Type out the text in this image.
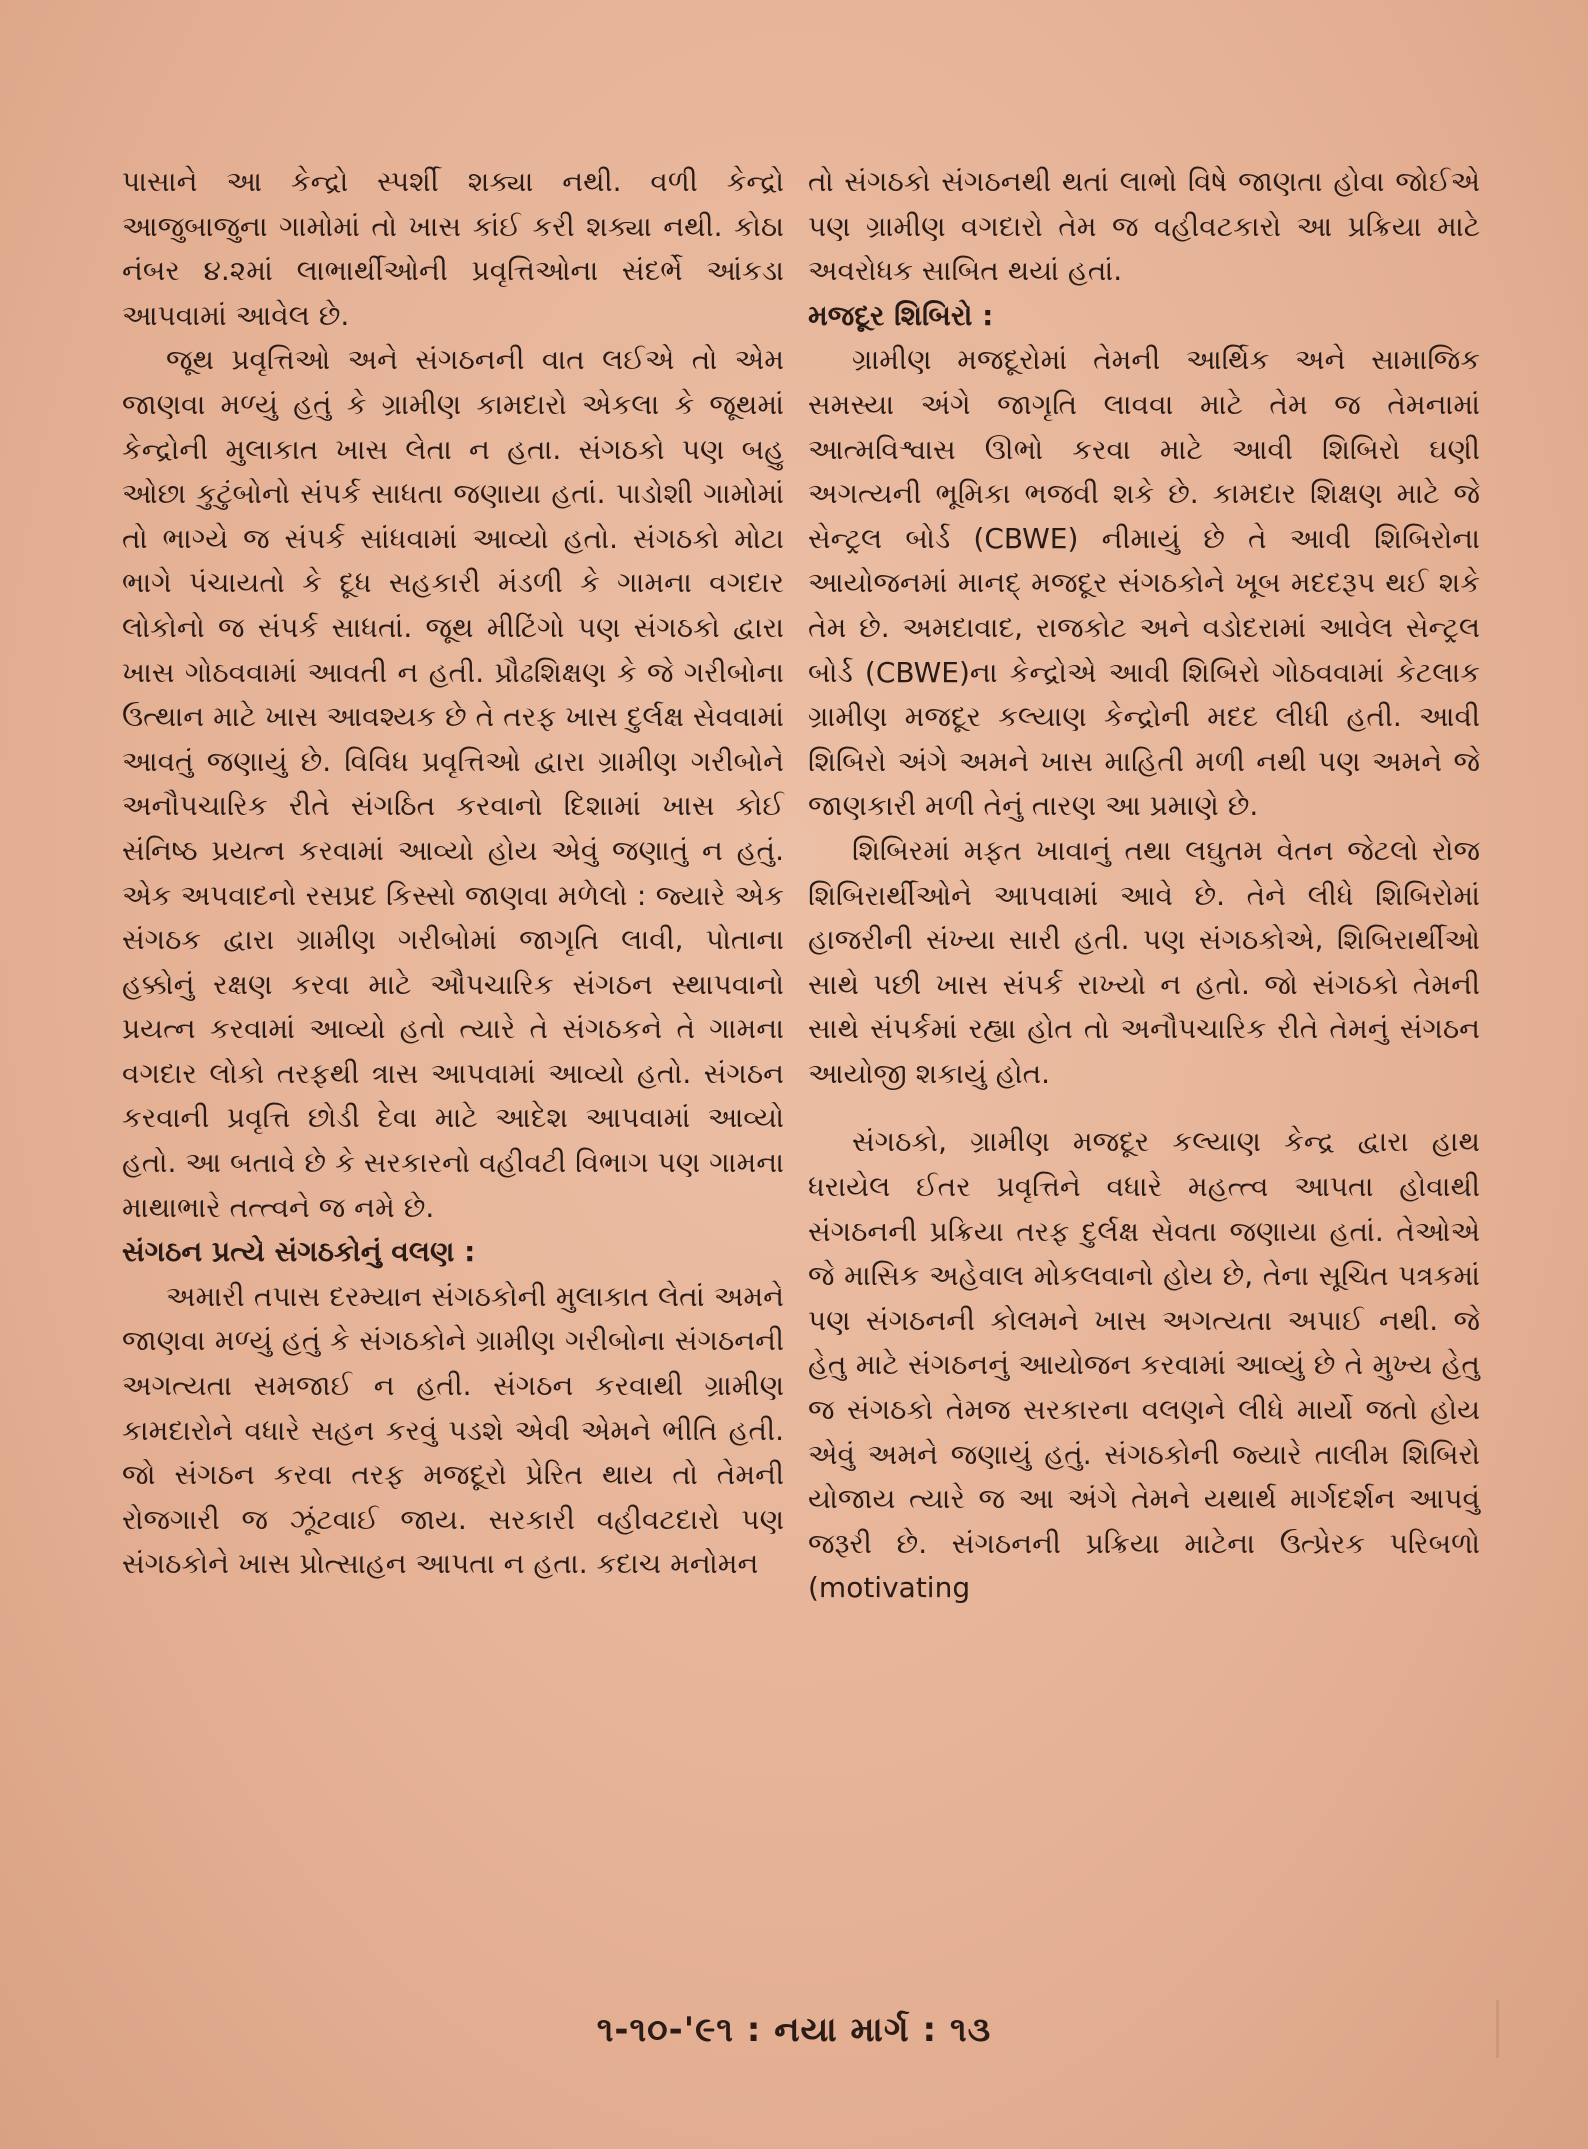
પાસાને આ કેન્દ્રો સ્પર્શી શક્યા નથી. વળી કેન્દ્રો આજુબાજુના ગામોમાં તો ખાસ કાંઈ કરી શક્યા નથી. કોઠા નંબર ૪.૨માં લાભાર્થીઓની પ્રવૃત્તિઓના સંદર્ભે આંકડા આપવામાં આવેલ છે.

જૂથ પ્રવૃત્તિઓ અને સંગઠનની વાત લઈએ તો એમ જાણવા મળ્યું હતું કે ગ્રામીણ કામદારો એકલા કે જૂથમાં કેન્દ્રોની મુલાકાત ખાસ લેતા ન હતા. સંગઠકો પણ બહુ ઓછા કુટુંબોનો સંપર્ક સાધતા જણાયા હતાં. પાડોશી ગામોમાં તો ભાગ્યે જ સંપર્ક સાંધવામાં આવ્યો હતો. સંગઠકો મોટા ભાગે પંચાયતો કે દૂધ સહકારી મંડળી કે ગામના વગદાર લોકોનો જ સંપર્ક સાધતાં. જૂથ મીટિંગો પણ સંગઠકો દ્વારા ખાસ ગોઠવવામાં આવતી ન હતી. પ્રૌઢશિક્ષણ કે જે ગરીબોના ઉત્થાન માટે ખાસ આવશ્યક છે તે તરફ ખાસ દુર્લક્ષ સેવવામાં આવતું જણાયું છે. વિવિધ પ્રવૃત્તિઓ દ્વારા ગ્રામીણ ગરીબોને અનૌપચારિક રીતે સંગઠિત કરવાનો દિશામાં ખાસ કોઈ સંનિષ્ઠ પ્રયત્ન કરવામાં આવ્યો હોય એવું જણાતું ન હતું. એક અપવાદનો રસપ્રદ કિસ્સો જાણવા મળેલો : જ્યારે એક સંગઠક દ્વારા ગ્રામીણ ગરીબોમાં જાગૃતિ લાવી, પોતાના હક્કોનું રક્ષણ કરવા માટે ઔપચારિક સંગઠન સ્થાપવાનો પ્રયત્ન કરવામાં આવ્યો હતો ત્યારે તે સંગઠકને તે ગામના વગદાર લોકો તરફથી ત્રાસ આપવામાં આવ્યો હતો. સંગઠન કરવાની પ્રવૃત્તિ છોડી દેવા માટે આદેશ આપવામાં આવ્યો હતો. આ બતાવે છે કે સરકારનો વહીવટી વિભાગ પણ ગામના માથાભારે તત્ત્વને જ નમે છે.

સંગઠન પ્રત્યે સંગઠકોનું વલણ :

અમારી તપાસ દરમ્યાન સંગઠકોની મુલાકાત લેતાં અમને જાણવા મળ્યું હતું કે સંગઠકોને ગ્રામીણ ગરીબોના સંગઠનની અગત્યતા સમજાઈ ન હતી. સંગઠન કરવાથી ગ્રામીણ કામદારોને વધારે સહન કરવું પડશે એવી એમને ભીતિ હતી. જો સંગઠન કરવા તરફ મજદૂરો પ્રેરિત થાય તો તેમની રોજગારી જ ઝૂંટવાઈ જાય. સરકારી વહીવટદારો પણ સંગઠકોને ખાસ પ્રોત્સાહન આપતા ન હતા. કદાચ મનોમન

તો સંગઠકો સંગઠનથી થતાં લાભો વિષે જાણતા હોવા જોઈએ પણ ગ્રામીણ વગદારો તેમ જ વહીવટકારો આ પ્રક્રિયા માટે અવરોધક સાબિત થયાં હતાં.

મજદૂર શિબિરો :

ગ્રામીણ મજદૂરોમાં તેમની આર્થિક અને સામાજિક સમસ્યા અંગે જાગૃતિ લાવવા માટે તેમ જ તેમનામાં આત્મવિશ્વાસ ઊભો કરવા માટે આવી શિબિરો ઘણી અગત્યની ભૂમિકા ભજવી શકે છે. કામદાર શિક્ષણ માટે જે સેન્ટ્રલ બોર્ડ (CBWE) નીમાયું છે તે આવી શિબિરોના આયોજનમાં માનદ્ મજદૂર સંગઠકોને ખૂબ મદદરૂપ થઈ શકે તેમ છે. અમદાવાદ, રાજકોટ અને વડોદરામાં આવેલ સેન્ટ્રલ બોર્ડ (CBWE)ના કેન્દ્રોએ આવી શિબિરો ગોઠવવામાં કેટલાક ગ્રામીણ મજદૂર કલ્યાણ કેન્દ્રોની મદદ લીધી હતી. આવી શિબિરો અંગે અમને ખાસ માહિતી મળી નથી પણ અમને જે જાણકારી મળી તેનું તારણ આ પ્રમાણે છે.

શિબિરમાં મફત ખાવાનું તથા લઘુતમ વેતન જેટલો રોજ શિબિરાર્થીઓને આપવામાં આવે છે. તેને લીધે શિબિરોમાં હાજરીની સંખ્યા સારી હતી. પણ સંગઠકોએ, શિબિરાર્થીઓ સાથે પછી ખાસ સંપર્ક રાખ્યો ન હતો. જો સંગઠકો તેમની સાથે સંપર્કમાં રહ્યા હોત તો અનૌપચારિક રીતે તેમનું સંગઠન આયોજી શકાયું હોત.

સંગઠકો, ગ્રામીણ મજદૂર કલ્યાણ કેન્દ્ર દ્વારા હાથ ધરાયેલ ઈતર પ્રવૃત્તિને વધારે મહત્ત્વ આપતા હોવાથી સંગઠનની પ્રક્રિયા તરફ દુર્લક્ષ સેવતા જણાયા હતાં. તેઓએ જે માસિક અહેવાલ મોકલવાનો હોય છે, તેના સૂચિત પત્રકમાં પણ સંગઠનની કોલમને ખાસ અગત્યતા અપાઈ નથી. જે હેતુ માટે સંગઠનનું આયોજન કરવામાં આવ્યું છે તે મુખ્ય હેતુ જ સંગઠકો તેમજ સરકારના વલણને લીધે માર્યો જતો હોય એવું અમને જણાયું હતું. સંગઠકોની જ્યારે તાલીમ શિબિરો યોજાય ત્યારે જ આ અંગે તેમને યથાર્થ માર્ગદર્શન આપવું જરૂરી છે. સંગઠનની પ્રક્રિયા માટેના ઉત્પ્રેરક પરિબળો (motivating

૧-૧૦-'૯૧ : નયા માર્ગ : ૧૩
